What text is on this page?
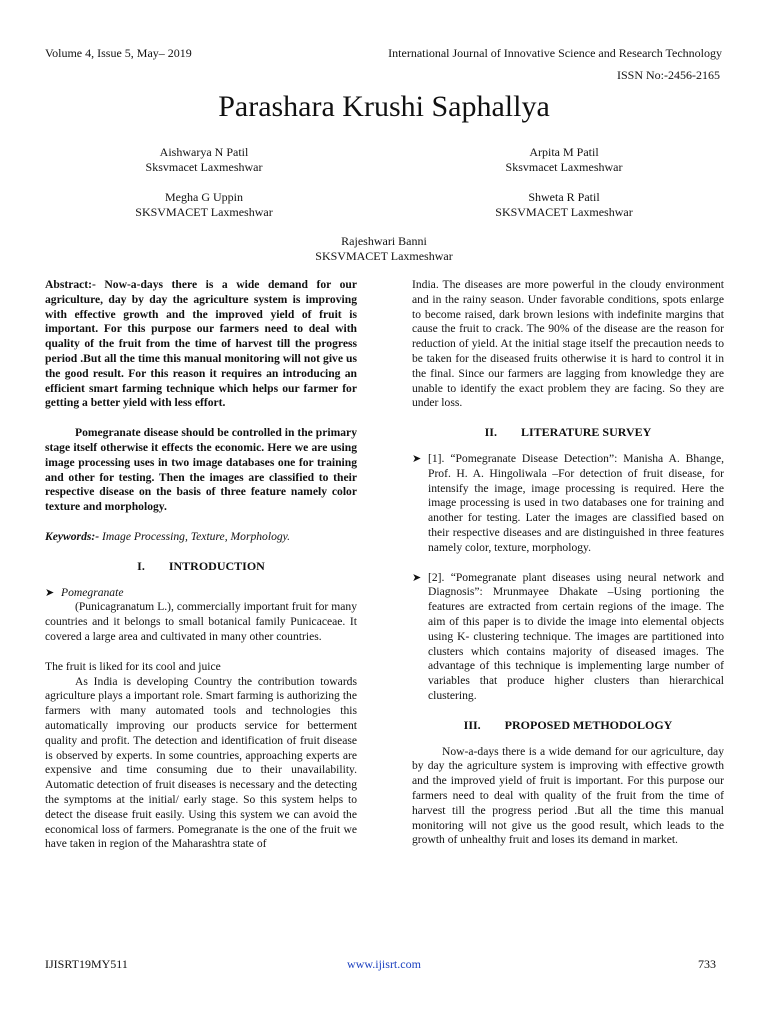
Volume 4, Issue 5, May– 2019	International Journal of Innovative Science and Research Technology
ISSN No:-2456-2165
Parashara Krushi Saphallya
Aishwarya N Patil
Sksvmacet Laxmeshwar
Arpita M Patil
Sksvmacet Laxmeshwar
Megha G Uppin
SKSVMACET Laxmeshwar
Shweta R Patil
SKSVMACET Laxmeshwar
Rajeshwari Banni
SKSVMACET Laxmeshwar

Abstract:- Now-a-days there is a wide demand for our agriculture, day by day the agriculture system is improving with effective growth and the improved yield of fruit is important. For this purpose our farmers need to deal with quality of the fruit from the time of harvest till the progress period .But all the time this manual monitoring will not give us the good result. For this reason it requires an introducing an efficient smart farming technique which helps our farmer for getting a better yield with less effort.

Pomegranate disease should be controlled in the primary stage itself otherwise it effects the economic. Here we are using image processing uses in two image databases one for training and other for testing. Then the images are classified to their respective disease on the basis of three feature namely color texture and morphology.

Keywords:- Image Processing, Texture, Morphology.

I.  INTRODUCTION
➤ Pomegranate

(Punicagranatum L.), commercially important fruit for many countries and it belongs to small botanical family Punicaceae. It covered a large area and cultivated in many other countries.

The fruit is liked for its cool and juice

As India is developing Country the contribution towards agriculture plays a important role. Smart farming is authorizing the farmers with many automated tools and technologies this automatically improving our products service for betterment quality and profit. The detection and identification of fruit disease is observed by experts. In some countries, approaching experts are expensive and time consuming due to their unavailability. Automatic detection of fruit diseases is necessary and the detecting the symptoms at the initial/ early stage. So this system helps to detect the disease fruit easily. Using this system we can avoid the economical loss of farmers. Pomegranate is the one of the fruit we have taken in region of the Maharashtra state of

India. The diseases are more powerful in the cloudy environment and in the rainy season. Under favorable conditions, spots enlarge to become raised, dark brown lesions with indefinite margins that cause the fruit to crack. The 90% of the disease are the reason for reduction of yield. At the initial stage itself the precaution needs to be taken for the diseased fruits otherwise it is hard to control it in the final. Since our farmers are lagging from knowledge they are unable to identify the exact problem they are facing. So they are under loss.

II.  LITERATURE SURVEY
➤ [1]. “Pomegranate Disease Detection”: Manisha A. Bhange, Prof. H. A. Hingoliwala –For detection of fruit disease, for intensify the image, image processing is required. Here the image processing is used in two databases one for training and another for testing. Later the images are classified based on their respective diseases and are distinguished in three features namely color, texture, morphology.

➤ [2]. “Pomegranate plant diseases using neural network and Diagnosis”: Mrunmayee Dhakate –Using portioning the features are extracted from certain regions of the image. The aim of this paper is to divide the image into elemental objects using K- clustering technique. The images are partitioned into clusters which contains majority of diseased images. The advantage of this technique is implementing large number of variables that produce higher clusters than hierarchical clustering.

III.  PROPOSED METHODOLOGY

Now-a-days there is a wide demand for our agriculture, day by day the agriculture system is improving with effective growth and the improved yield of fruit is important. For this purpose our farmers need to deal with quality of the fruit from the time of harvest till the progress period .But all the time this manual monitoring will not give us the good result, which leads to the growth of unhealthy fruit and loses its demand in market.

IJISRT19MY511	www.ijisrt.com	733
